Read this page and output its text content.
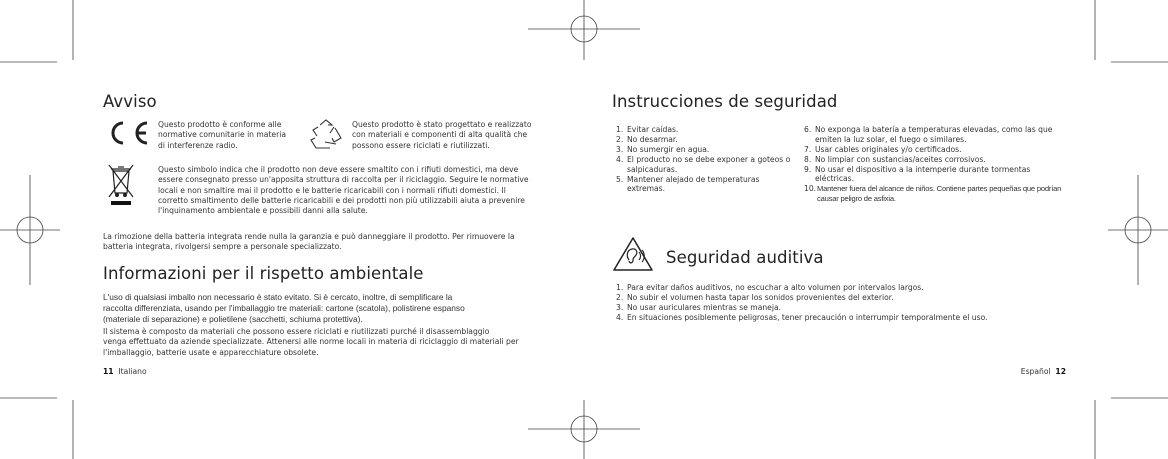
Avviso
Questo prodotto è conforme alle
normative comunitarie in materia
di interferenze radio.
Questo prodotto è stato progettato e realizzato
con materiali e componenti di alta qualità che
possono essere riciclati e riutilizzati.
Questo simbolo indica che il prodotto non deve essere smaltito con i rifiuti domestici, ma deve
essere consegnato presso un'apposita struttura di raccolta per il riciclaggio. Seguire le normative
locali e non smaltire mai il prodotto e le batterie ricaricabili con i normali rifiuti domestici. Il
corretto smaltimento delle batterie ricaricabili e dei prodotti non più utilizzabili aiuta a prevenire
l'inquinamento ambientale e possibili danni alla salute.
La rimozione della batteria integrata rende nulla la garanzia e può danneggiare il prodotto. Per rimuovere la
batteria integrata, rivolgersi sempre a personale specializzato.
Informazioni per il rispetto ambientale

L'uso di qualsiasi imballo non necessario è stato evitato. Si è cercato, inoltre, di semplificare la

raccolta differenziata, usando per l'imballaggio tre materiali: cartone (scatola), polistirene espanso

(materiale di separazione) e polietilene (sacchetti, schiuma protettiva).

Il sistema è composto da materiali che possono essere riciclati e riutilizzati purché il disassemblaggio

venga effettuato da aziende specializzate. Attenersi alle norme locali in materia di riciclaggio di materiali per

l'imballaggio, batterie usate e apparecchiature obsolete.

11 Italiano
Instrucciones de seguridad
1. Evitar caídas.
2. No desarmar.
3. No sumergir en agua.
4. El producto no se debe exponer a goteos o salpicaduras.
5. Mantener alejado de temperaturas extremas.
6. No exponga la batería a temperaturas elevadas, como las que emiten la luz solar, el fuego o similares.
7. Usar cables originales y/o certificados.
8. No limpiar con sustancias/aceites corrosivos.
9. No usar el dispositivo a la intemperie durante tormentas eléctricas.
10. Mantener fuera del alcance de niños. Contiene partes pequeñas que podrían causar peligro de asfixia.
Seguridad auditiva
1. Para evitar daños auditivos, no escuchar a alto volumen por intervalos largos.
2. No subir el volumen hasta tapar los sonidos provenientes del exterior.
3. No usar auriculares mientras se maneja.
4. En situaciones posiblemente peligrosas, tener precaución o interrumpir temporalmente el uso.
Español 12
